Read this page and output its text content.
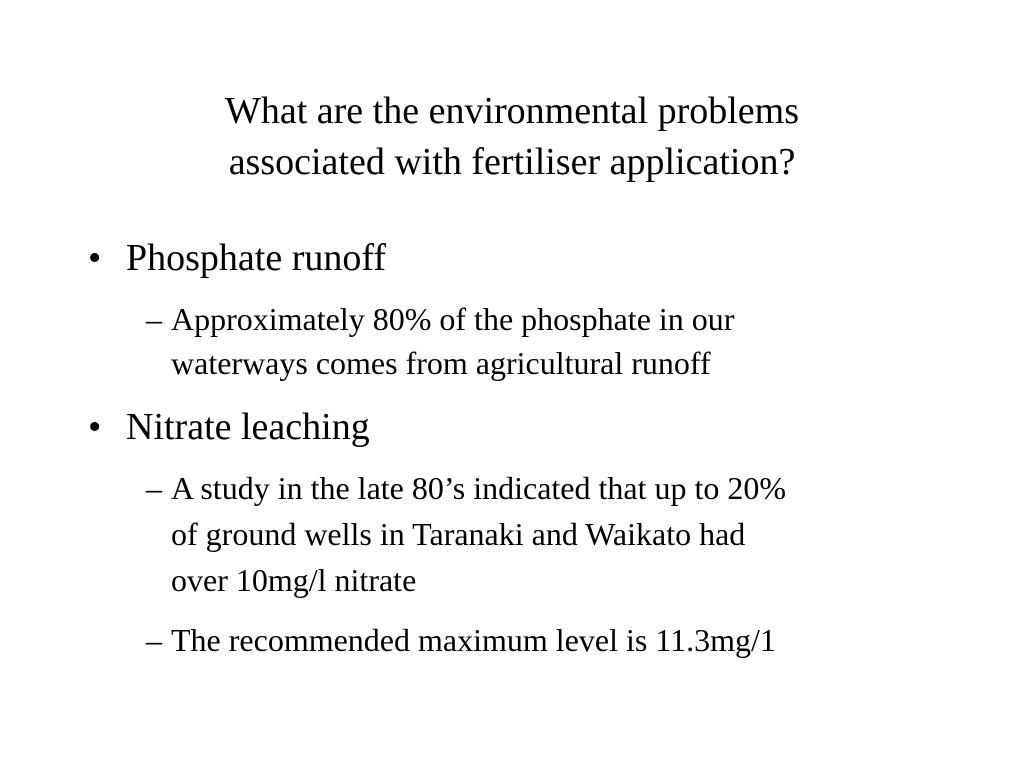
What are the environmental problems
associated with fertiliser application?
• Phosphate runoff
– Approximately 80% of the phosphate in our
waterways comes from agricultural runoff
• Nitrate leaching
– A study in the late 80’s indicated that up to 20%
of ground wells in Taranaki and Waikato had
over 10mg/l nitrate
– The recommended maximum level is 11.3mg/1
